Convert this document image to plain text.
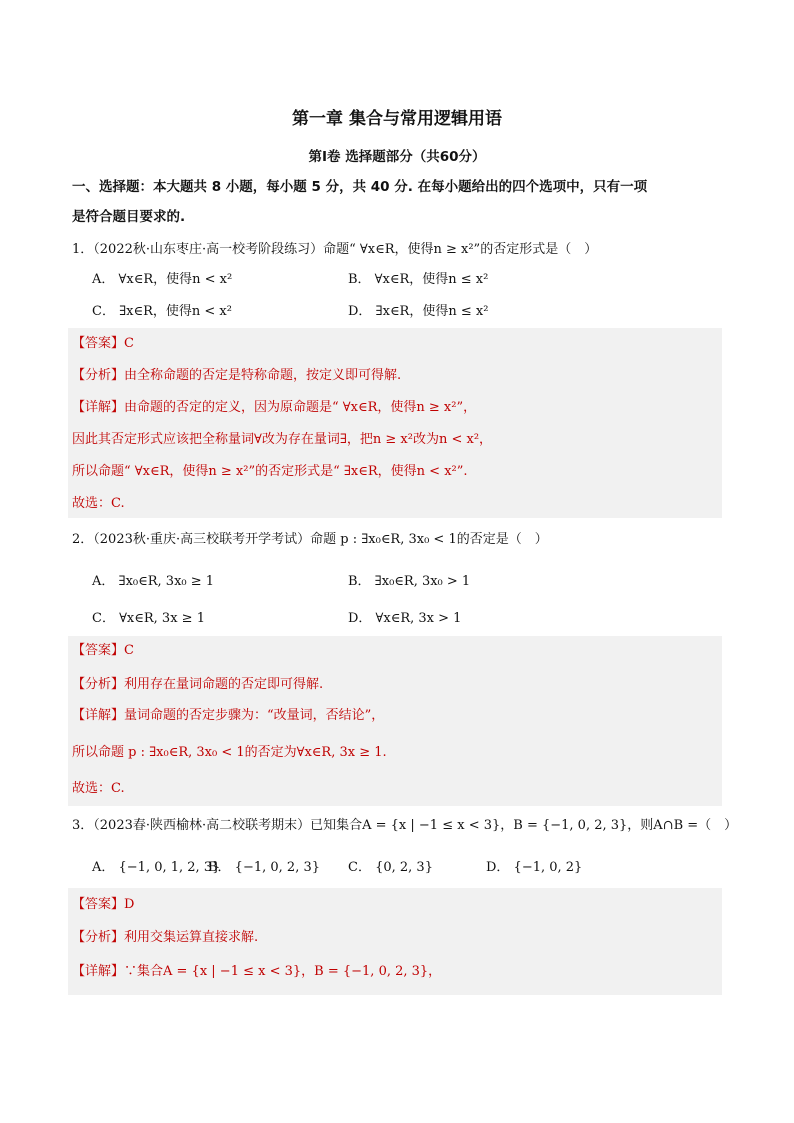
第一章 集合与常用逻辑用语
第Ⅰ卷 选择题部分（共60分）
一、选择题：本大题共 8 小题，每小题 5 分，共 40 分. 在每小题给出的四个选项中，只有一项
是符合题目要求的.
1．（2022秋·山东枣庄·高一校考阶段练习）命题“ ∀x∈R，使得n ≥ x²”的否定形式是（　）
A． ∀x∈R，使得n < x²	B． ∀x∈R，使得n ≤ x²
C． ∃x∈R，使得n < x²	D． ∃x∈R，使得n ≤ x²
【答案】C
【分析】由全称命题的否定是特称命题，按定义即可得解.
【详解】由命题的否定的定义，因为原命题是“ ∀x∈R，使得n ≥ x²”，
因此其否定形式应该把全称量词∀改为存在量词∃，把n ≥ x²改为n < x²，
所以命题“ ∀x∈R，使得n ≥ x²”的否定形式是“ ∃x∈R，使得n < x²”.
故选：C.
2．（2023秋·重庆·高三校联考开学考试）命题 p : ∃x₀∈R, 3x₀ < 1的否定是（　）
A． ∃x₀∈R, 3x₀ ≥ 1	B． ∃x₀∈R, 3x₀ > 1
C． ∀x∈R, 3x ≥ 1	D． ∀x∈R, 3x > 1
【答案】C
【分析】利用存在量词命题的否定即可得解.
【详解】量词命题的否定步骤为：“改量词，否结论”，
所以命题 p : ∃x₀∈R, 3x₀ < 1的否定为∀x∈R, 3x ≥ 1.
故选：C.
3．（2023春·陕西榆林·高二校联考期末）已知集合A = {x | −1 ≤ x < 3}，B = {−1, 0, 2, 3}，则A∩B =（　）
A． {−1, 0, 1, 2, 3}
B． {−1, 0, 2, 3} C． {0, 2, 3}	D． {−1, 0, 2}
【答案】D
【分析】利用交集运算直接求解.
【详解】∵集合A = {x | −1 ≤ x < 3}，B = {−1, 0, 2, 3}，
